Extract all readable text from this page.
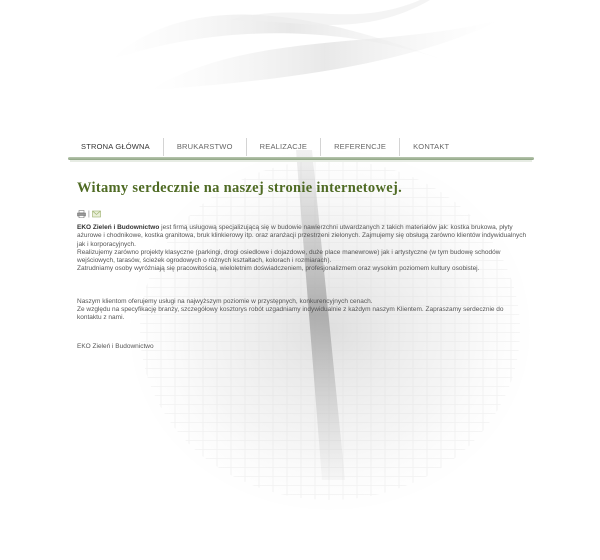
STRONA GŁÓWNA	BRUKARSTWO	REALIZACJE	REFERENCJE	KONTAKT
Witamy serdecznie na naszej stronie internetowej.
|

EKO Zieleń i Budownictwo jest firmą usługową specjalizującą się w budowie nawierzchni utwardzanych z takich materiałów jak: kostka brukowa, płyty ażurowe i chodnikowe, kostka granitowa, bruk klinkierowy itp. oraz aranżacji przestrzeni zielonych. Zajmujemy się obsługą zarówno klientów indywidualnych jak i korporacyjnych.

Realizujemy zarówno projekty klasyczne (parkingi, drogi osiedlowe i dojazdowe, duże place manewrowe) jak i artystyczne (w tym budowę schodów wejściowych, tarasów, ścieżek ogrodowych o różnych kształtach, kolorach i rozmiarach).

Zatrudniamy osoby wyróżniają się pracowitością, wieloletnim doświadczeniem, profesjonalizmem oraz wysokim poziomem kultury osobistej.

Naszym klientom oferujemy usługi na najwyższym poziomie w przystępnych, konkurencyjnych cenach.

Ze względu na specyfikację branży, szczegółowy kosztorys robót uzgadniamy indywidualnie z każdym naszym Klientem. Zapraszamy serdecznie do kontaktu z nami.

EKO Zieleń i Budownictwo
